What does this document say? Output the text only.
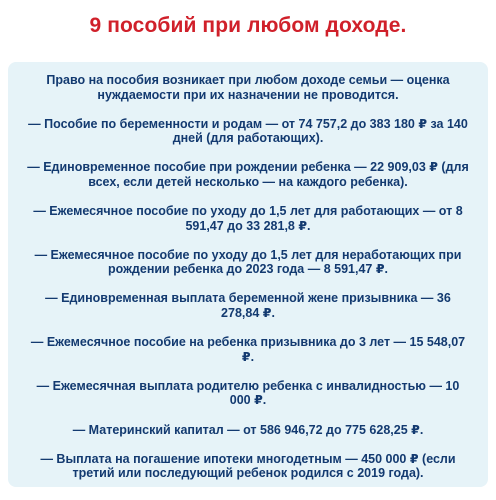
9 пособий при любом доходе.

Право на пособия возникает при любом доходе семьи — оценка нуждаемости при их назначении не проводится.

— Пособие по беременности и родам — от 74 757,2 до 383 180 ₽ за 140 дней (для работающих).

— Единовременное пособие при рождении ребенка — 22 909,03 ₽ (для всех, если детей несколько — на каждого ребенка).

— Ежемесячное пособие по уходу до 1,5 лет для работающих — от 8 591,47 до 33 281,8 ₽.

— Ежемесячное пособие по уходу до 1,5 лет для неработающих при рождении ребенка до 2023 года — 8 591,47 ₽.

— Единовременная выплата беременной жене призывника — 36 278,84 ₽.

— Ежемесячное пособие на ребенка призывника до 3 лет — 15 548,07 ₽.

— Ежемесячная выплата родителю ребенка с инвалидностью — 10 000 ₽.

— Материнский капитал — от 586 946,72 до 775 628,25 ₽.

— Выплата на погашение ипотеки многодетным — 450 000 ₽ (если третий или последующий ребенок родился с 2019 года).
